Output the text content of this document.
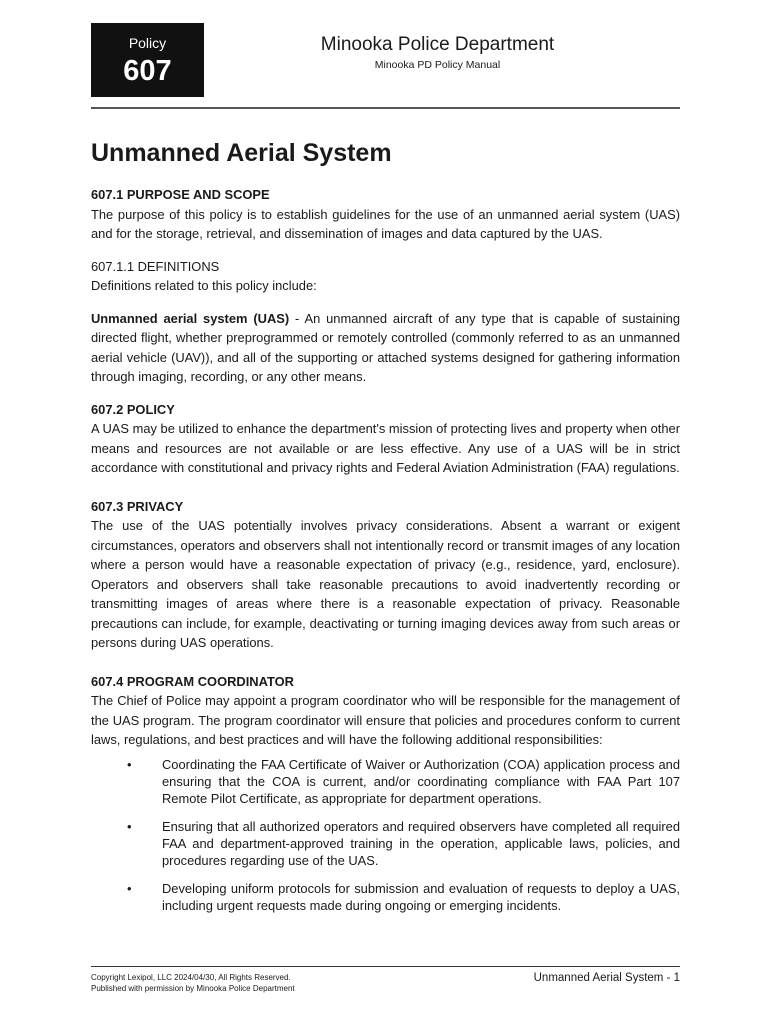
Policy
607
Minooka Police Department
Minooka PD Policy Manual
Unmanned Aerial System

607.1 PURPOSE AND SCOPE

The purpose of this policy is to establish guidelines for the use of an unmanned aerial system (UAS) and for the storage, retrieval, and dissemination of images and data captured by the UAS.

607.1.1 DEFINITIONS

Definitions related to this policy include:

Unmanned aerial system (UAS) - An unmanned aircraft of any type that is capable of sustaining directed flight, whether preprogrammed or remotely controlled (commonly referred to as an unmanned aerial vehicle (UAV)), and all of the supporting or attached systems designed for gathering information through imaging, recording, or any other means.

607.2 POLICY

A UAS may be utilized to enhance the department's mission of protecting lives and property when other means and resources are not available or are less effective. Any use of a UAS will be in strict accordance with constitutional and privacy rights and Federal Aviation Administration (FAA) regulations.

607.3 PRIVACY

The use of the UAS potentially involves privacy considerations. Absent a warrant or exigent circumstances, operators and observers shall not intentionally record or transmit images of any location where a person would have a reasonable expectation of privacy (e.g., residence, yard, enclosure). Operators and observers shall take reasonable precautions to avoid inadvertently recording or transmitting images of areas where there is a reasonable expectation of privacy. Reasonable precautions can include, for example, deactivating or turning imaging devices away from such areas or persons during UAS operations.

607.4 PROGRAM COORDINATOR

The Chief of Police may appoint a program coordinator who will be responsible for the management of the UAS program. The program coordinator will ensure that policies and procedures conform to current laws, regulations, and best practices and will have the following additional responsibilities:

• Coordinating the FAA Certificate of Waiver or Authorization (COA) application process and ensuring that the COA is current, and/or coordinating compliance with FAA Part 107 Remote Pilot Certificate, as appropriate for department operations.
• Ensuring that all authorized operators and required observers have completed all required FAA and department-approved training in the operation, applicable laws, policies, and procedures regarding use of the UAS.
• Developing uniform protocols for submission and evaluation of requests to deploy a UAS, including urgent requests made during ongoing or emerging incidents.
Copyright Lexipol, LLC 2024/04/30, All Rights Reserved.
Published with permission by Minooka Police Department
Unmanned Aerial System - 1
